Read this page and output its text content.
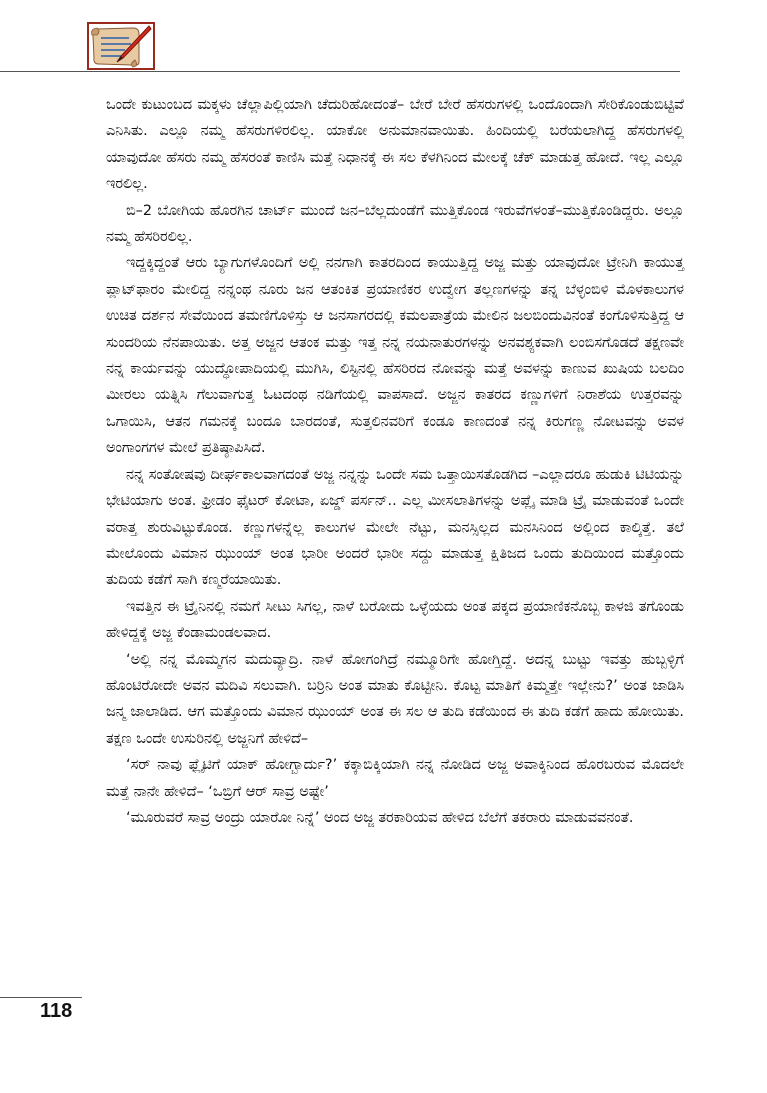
ಒಂದೇ ಕುಟುಂಬದ ಮಕ್ಕಳು ಚೆಲ್ಲಾಪಿಲ್ಲಿಯಾಗಿ ಚೆದುರಿಹೋದಂತೆ– ಬೇರೆ ಬೇರೆ ಹೆಸರುಗಳಲ್ಲಿ ಒಂದೊಂದಾಗಿ ಸೇರಿಕೊಂಡುಬಿಟ್ಟಿವೆ ಎನಿಸಿತು. ಎಲ್ಲೂ ನಮ್ಮ ಹೆಸರುಗಳಿರಲಿಲ್ಲ. ಯಾಕೋ ಅನುಮಾನವಾಯಿತು. ಹಿಂದಿಯಲ್ಲಿ ಬರೆಯಲಾಗಿದ್ದ ಹೆಸರುಗಳಲ್ಲಿ ಯಾವುದೋ ಹೆಸರು ನಮ್ಮ ಹೆಸರಂತೆ ಕಾಣಿಸಿ ಮತ್ತೆ ನಿಧಾನಕ್ಕೆ ಈ ಸಲ ಕೆಳಗಿನಿಂದ ಮೇಲಕ್ಕೆ ಚೆಕ್ ಮಾಡುತ್ತ ಹೋದೆ. ಇಲ್ಲ ಎಲ್ಲೂ ಇರಲಿಲ್ಲ.

ಬಿ–2 ಬೋಗಿಯ ಹೊರಗಿನ ಚಾರ್ಟ್ ಮುಂದೆ ಜನ–ಬೆಲ್ಲದುಂಡೆಗೆ ಮುತ್ತಿಕೊಂಡ ಇರುವೆಗಳಂತೆ–ಮುತ್ತಿಕೊಂಡಿದ್ದರು. ಅಲ್ಲೂ ನಮ್ಮ ಹೆಸರಿರಲಿಲ್ಲ.

ಇದ್ದಕ್ಕಿದ್ದಂತೆ ಆರು ಬ್ಯಾಗುಗಳೊಂದಿಗೆ ಅಲ್ಲಿ ನನಗಾಗಿ ಕಾತರದಿಂದ ಕಾಯುತ್ತಿದ್ದ ಅಜ್ಜ ಮತ್ತು ಯಾವುದೋ ಟ್ರೇನಿಗಿ ಕಾಯುತ್ತ ಪ್ಲಾಟ್‌ಫಾರಂ ಮೇಲಿದ್ದ ನನ್ನಂಥ ನೂರು ಜನ ಆತಂಕಿತ ಪ್ರಯಾಣಿಕರ ಉದ್ವೇಗ ತಲ್ಲಣಗಳನ್ನು ತನ್ನ ಬೆಳ್ಳಂಬಿಳಿ ಮೊಳಕಾಲುಗಳ ಉಚಿತ ದರ್ಶನ ಸೇವೆಯಿಂದ ತಮಣಿಗೊಳಿಸ್ತು ಆ ಜನಸಾಗರದಲ್ಲಿ ಕಮಲಪಾತ್ರೆಯ ಮೇಲಿನ ಜಲಬಿಂದುವಿನಂತೆ ಕಂಗೊಳಿಸುತ್ತಿದ್ದ ಆ ಸುಂದರಿಯ ನೆನಪಾಯಿತು. ಅತ್ತ ಅಜ್ಜನ ಆತಂಕ ಮತ್ತು ಇತ್ತ ನನ್ನ ನಯನಾತುರಗಳನ್ನು ಅನವಶ್ಯಕವಾಗಿ ಲಂಬಿಸಗೊಡದೆ ತಕ್ಷಣವೇ ನನ್ನ ಕಾರ್ಯವನ್ನು ಯುದ್ಧೋಪಾದಿಯಲ್ಲಿ ಮುಗಿಸಿ, ಲಿಸ್ಟಿನಲ್ಲಿ ಹೆಸರಿರದ ನೋವನ್ನು ಮತ್ತೆ ಅವಳನ್ನು ಕಾಣುವ ಖುಷಿಯ ಬಲದಿಂ ಮೀರಲು ಯತ್ನಿಸಿ ಗೆಲುವಾಗುತ್ತ ಓಟದಂಥ ನಡಿಗೆಯಲ್ಲಿ ವಾಪಸಾದೆ. ಅಜ್ಜನ ಕಾತರದ ಕಣ್ಣುಗಳಿಗೆ ನಿರಾಶೆಯ ಉತ್ತರವನ್ನು ಒಗಾಯಿಸಿ, ಆತನ ಗಮನಕ್ಕೆ ಬಂದೂ ಬಾರದಂತೆ, ಸುತ್ತಲಿನವರಿಗೆ ಕಂಡೂ ಕಾಣದಂತೆ ನನ್ನ ಕಿರುಗಣ್ಣ ನೋಟವನ್ನು ಅವಳ ಅಂಗಾಂಗಗಳ ಮೇಲೆ ಪ್ರತಿಷ್ಠಾಪಿಸಿದೆ.

ನನ್ನ ಸಂತೋಷವು ದೀರ್ಘಕಾಲವಾಗದಂತೆ ಅಜ್ಜ ನನ್ನನ್ನು ಒಂದೇ ಸಮ ಒತ್ತಾಯಿಸತೊಡಗಿದ –ಎಲ್ಲಾದರೂ ಹುಡುಕಿ ಟಿಟಿಯನ್ನು ಭೇಟಿಯಾಗು ಅಂತ. ಫ್ರೀಡಂ ಫೈಟರ್ ಕೋಟಾ, ಏಜ್ಡ್ ಪರ್ಸನ್.. ಎಲ್ಲ ಮೀಸಲಾತಿಗಳನ್ನು ಅಪ್ಲೈ ಮಾಡಿ ಟ್ರೈ ಮಾಡುವಂತೆ ಒಂದೇ ವರಾತ್ತ ಶುರುವಿಟ್ಟುಕೊಂಡ. ಕಣ್ಣುಗಳನ್ನೆಲ್ಲ ಕಾಲುಗಳ ಮೇಲೇ ನೆಟ್ಟು, ಮನಸ್ಸಿಲ್ಲದ ಮನಸಿನಿಂದ ಅಲ್ಲಿಂದ ಕಾಲ್ಕಿತ್ತೆ. ತಲೆ ಮೇಲೊಂದು ವಿಮಾನ ಝುಂಯ್ ಅಂತ ಭಾರೀ ಅಂದರೆ ಭಾರೀ ಸದ್ದು ಮಾಡುತ್ತ ಕ್ಷಿತಿಜದ ಒಂದು ತುದಿಯಿಂದ ಮತ್ತೊಂದು ತುದಿಯ ಕಡೆಗೆ ಸಾಗಿ ಕಣ್ಮರೆಯಾಯಿತು.

ಇವತ್ತಿನ ಈ ಟ್ರೈನಿನಲ್ಲಿ ನಮಗೆ ಸೀಟು ಸಿಗಲ್ಲ, ನಾಳೆ ಬರೋದು ಒಳ್ಳೆಯದು ಅಂತ ಪಕ್ಕದ ಪ್ರಯಾಣಿಕನೊಬ್ಬ ಕಾಳಜಿ ತಗೊಂಡು ಹೇಳಿದ್ದಕ್ಕೆ ಅಜ್ಜ ಕೆಂಡಾಮಂಡಲವಾದ.

‘ಅಲ್ಲಿ ನನ್ನ ಮೊಮ್ಮಗನ ಮದುವ್ಯಾದ್ರಿ. ನಾಳೆ ಹೋಗಂಗಿದ್ರೆ ನಮ್ಮೂರಿಗೇ ಹೋಗ್ತಿದ್ದೆ. ಅದನ್ನ ಬುಟ್ಟು ಇವತ್ತು ಹುಬ್ಬಳ್ಳಿಗೆ ಹೊಂಟಿರೋದೇ ಅವನ ಮದಿವಿ ಸಲುವಾಗಿ. ಬರ್‍ರಿನಿ ಅಂತ ಮಾತು ಕೊಟ್ಟೀನಿ. ಕೊಟ್ಟ ಮಾತಿಗೆ ಕಿಮ್ಮತ್ತೇ ಇಲ್ಲೇನು?’ ಅಂತ ಜಾಡಿಸಿ ಜನ್ಮ ಜಾಲಾಡಿದ. ಆಗ ಮತ್ತೊಂದು ವಿಮಾನ ಝುಂಯ್ ಅಂತ ಈ ಸಲ ಆ ತುದಿ ಕಡೆಯಿಂದ ಈ ತುದಿ ಕಡೆಗೆ ಹಾದು ಹೋಯಿತು. ತಕ್ಷಣ ಒಂದೇ ಉಸುರಿನಲ್ಲಿ ಅಜ್ಜನಿಗೆ ಹೇಳಿದೆ–

‘ಸರ್ ನಾವು ಫ್ಲೈಟಿಗೆ ಯಾಕ್ ಹೋಗ್ಬಾರ್ದು?’ ಕಕ್ಕಾಬಿಕ್ಕಿಯಾಗಿ ನನ್ನ ನೋಡಿದ ಅಜ್ಜ ಅವಾಕ್ಕಿನಿಂದ ಹೊರಬರುವ ಮೊದಲೇ ಮತ್ತೆ ನಾನೇ ಹೇಳಿದೆ– ‘ಒಬ್ರಿಗೆ ಆರ್ ಸಾವ್ರ ಅಷ್ಟೇ’

‘ಮೂರುವರೆ ಸಾವ್ರ ಅಂದ್ರು ಯಾರೋ ನಿನ್ನೆ’ ಅಂದ ಅಜ್ಜ ತರಕಾರಿಯವ ಹೇಳಿದ ಬೆಲೆಗೆ ತಕರಾರು ಮಾಡುವವನಂತೆ.

118
